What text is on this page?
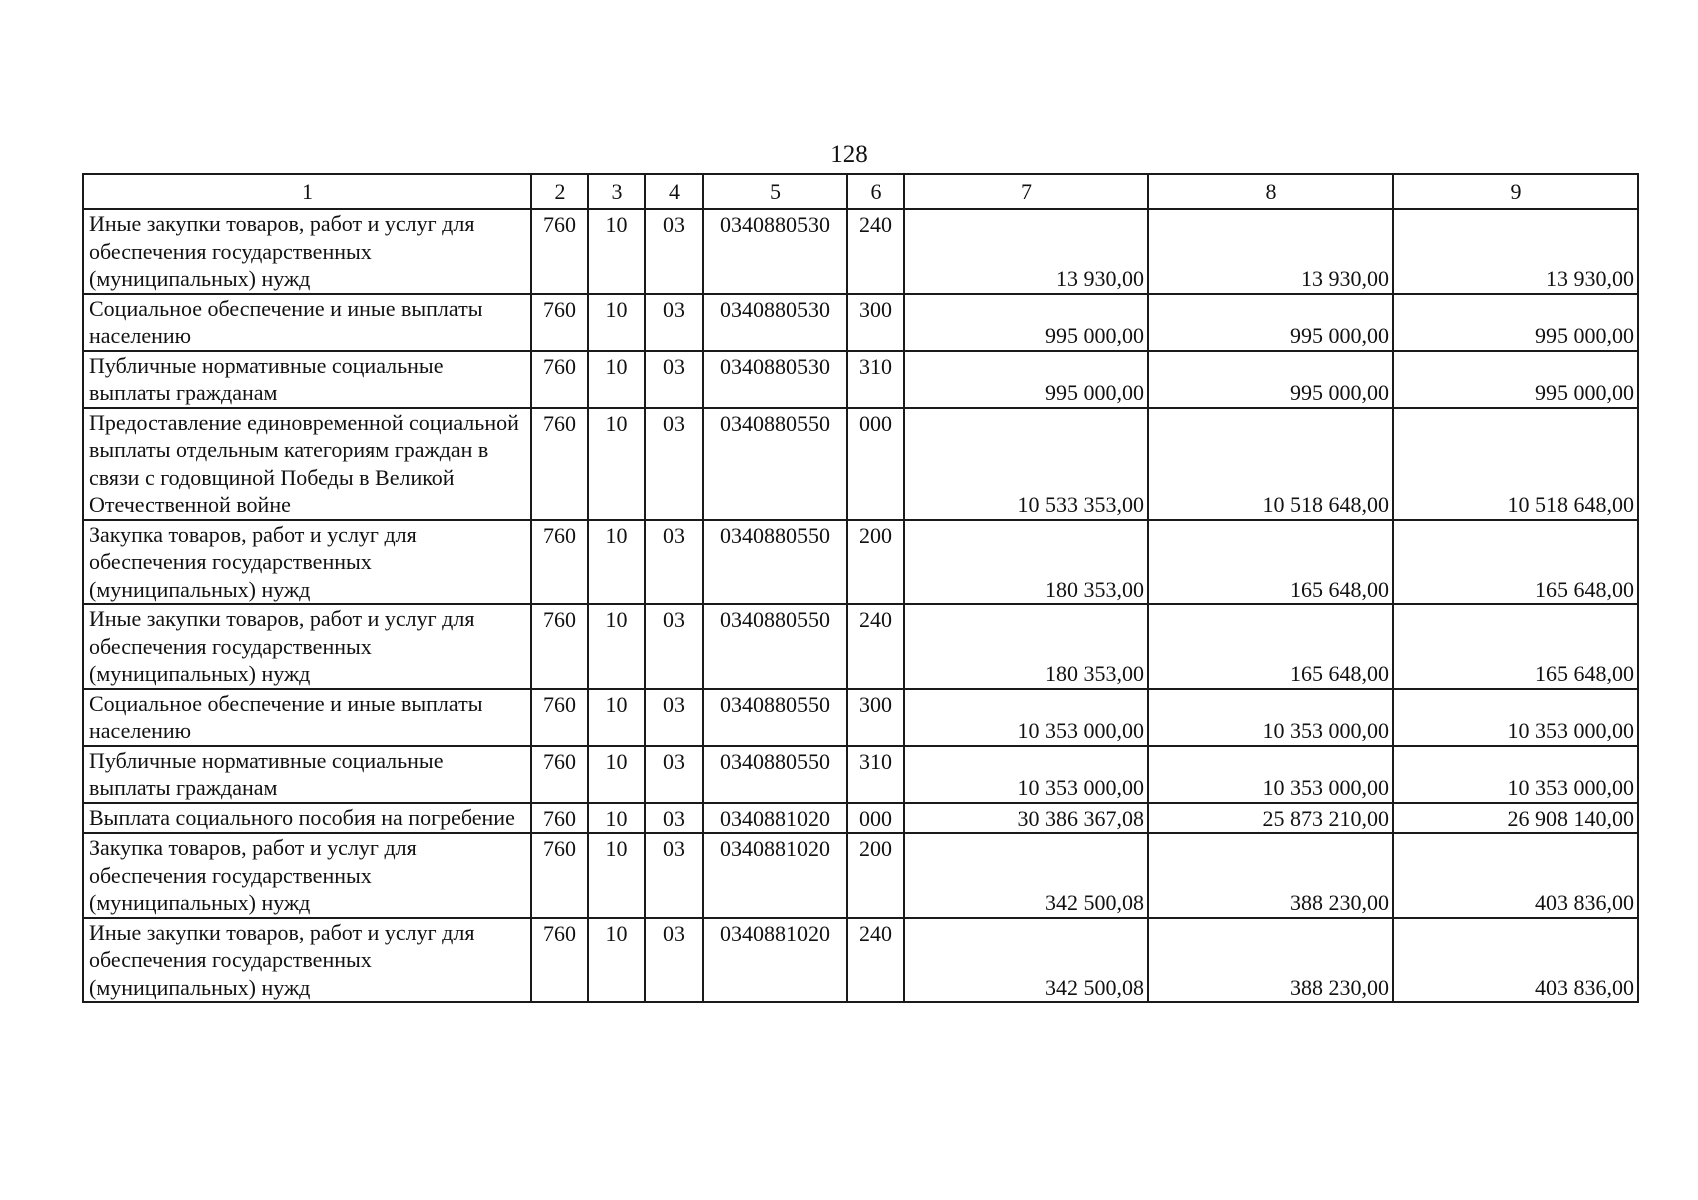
128
1	2	3	4	5	6	7	8	9
Иные закупки товаров, работ и услуг для обеспечения государственных (муниципальных) нужд	760	10	03	0340880530	240	13 930,00	13 930,00	13 930,00
Социальное обеспечение и иные выплаты населению	760	10	03	0340880530	300	995 000,00	995 000,00	995 000,00
Публичные нормативные социальные выплаты гражданам	760	10	03	0340880530	310	995 000,00	995 000,00	995 000,00
Предоставление единовременной социальной выплаты отдельным категориям граждан в связи с годовщиной Победы в Великой Отечественной войне	760	10	03	0340880550	000	10 533 353,00	10 518 648,00	10 518 648,00
Закупка товаров, работ и услуг для обеспечения государственных (муниципальных) нужд	760	10	03	0340880550	200	180 353,00	165 648,00	165 648,00
Иные закупки товаров, работ и услуг для обеспечения государственных (муниципальных) нужд	760	10	03	0340880550	240	180 353,00	165 648,00	165 648,00
Социальное обеспечение и иные выплаты населению	760	10	03	0340880550	300	10 353 000,00	10 353 000,00	10 353 000,00
Публичные нормативные социальные выплаты гражданам	760	10	03	0340880550	310	10 353 000,00	10 353 000,00	10 353 000,00
Выплата социального пособия на погребение	760	10	03	0340881020	000	30 386 367,08	25 873 210,00	26 908 140,00
Закупка товаров, работ и услуг для обеспечения государственных (муниципальных) нужд	760	10	03	0340881020	200	342 500,08	388 230,00	403 836,00
Иные закупки товаров, работ и услуг для обеспечения государственных (муниципальных) нужд	760	10	03	0340881020	240	342 500,08	388 230,00	403 836,00
